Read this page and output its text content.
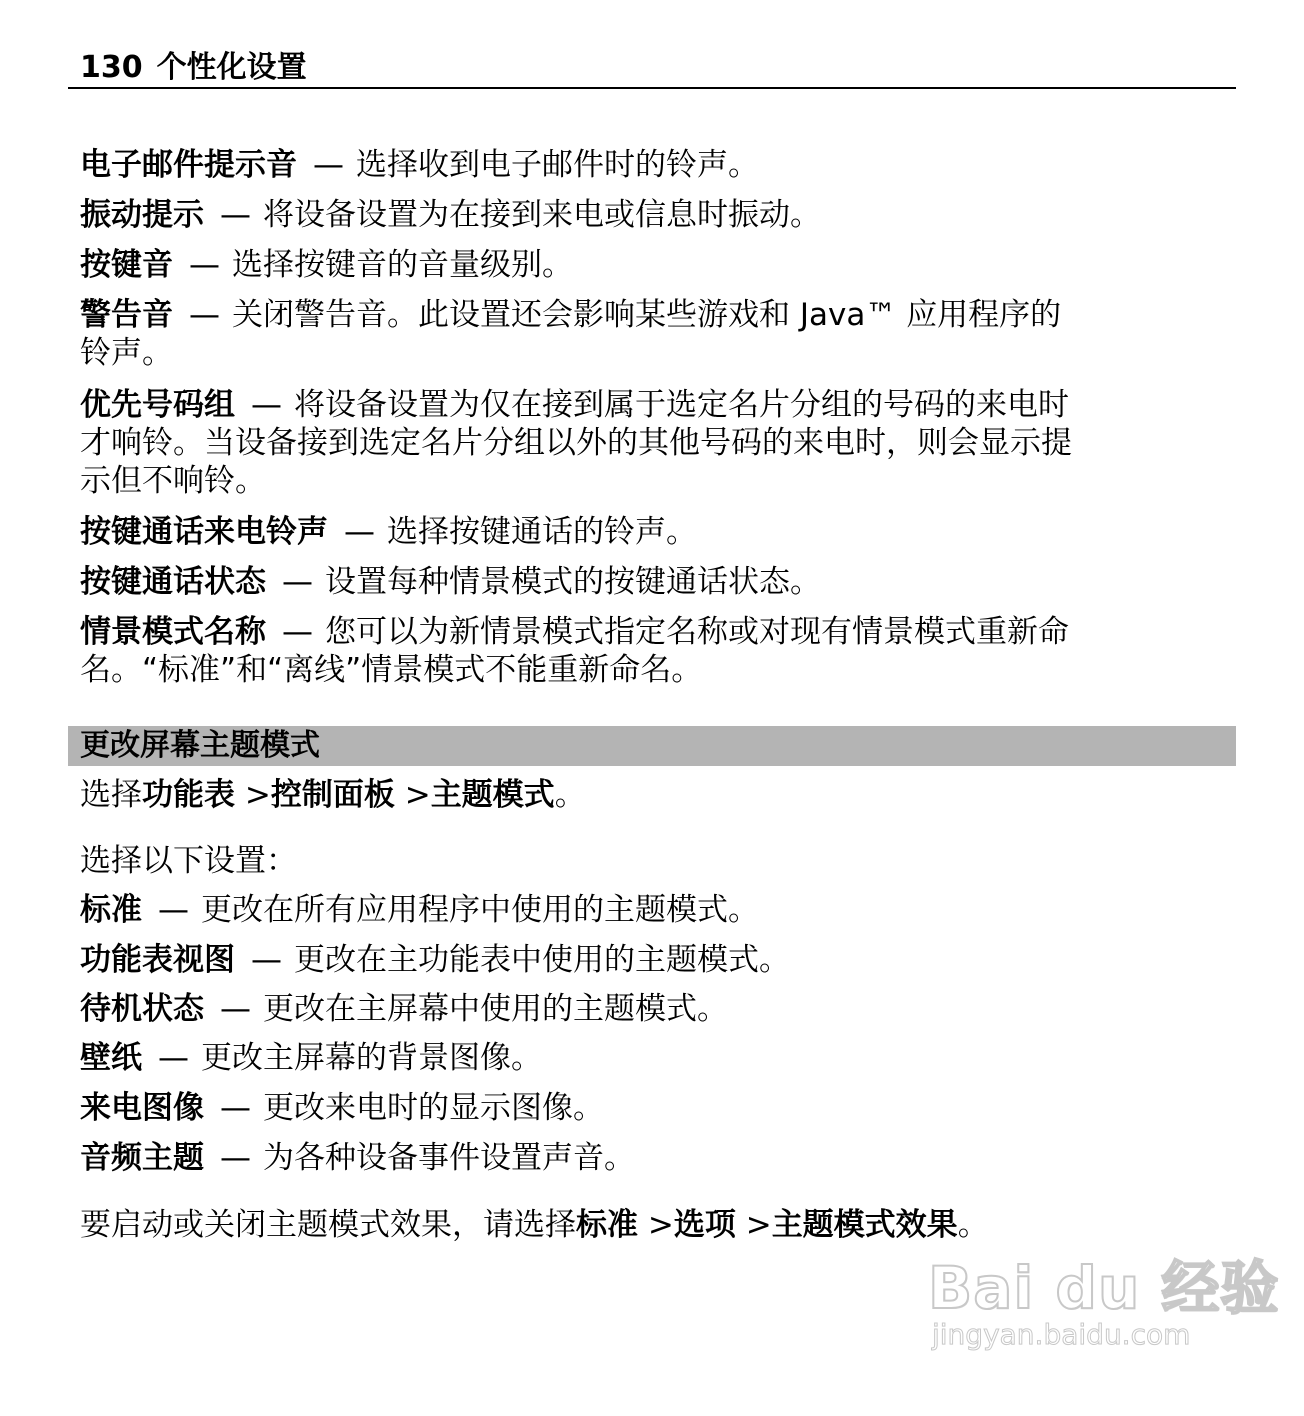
130 个性化设置
电子邮件提示音 — 选择收到电子邮件时的铃声。
振动提示 — 将设备设置为在接到来电或信息时振动。
按键音 — 选择按键音的音量级别。
警告音 — 关闭警告音。此设置还会影响某些游戏和 Java™ 应用程序的
铃声。
优先号码组 — 将设备设置为仅在接到属于选定名片分组的号码的来电时
才响铃。当设备接到选定名片分组以外的其他号码的来电时，则会显示提
示但不响铃。
按键通话来电铃声 — 选择按键通话的铃声。
按键通话状态 — 设置每种情景模式的按键通话状态。
情景模式名称 — 您可以为新情景模式指定名称或对现有情景模式重新命
名。“标准”和“离线”情景模式不能重新命名。
更改屏幕主题模式
选择功能表 >控制面板 >主题模式。
选择以下设置：
标准 — 更改在所有应用程序中使用的主题模式。
功能表视图 — 更改在主功能表中使用的主题模式。
待机状态 — 更改在主屏幕中使用的主题模式。
壁纸 — 更改主屏幕的背景图像。
来电图像 — 更改来电时的显示图像。
音频主题 — 为各种设备事件设置声音。
要启动或关闭主题模式效果，请选择标准 >选项 >主题模式效果。
Bai du 经验
jingyan.baidu.com
